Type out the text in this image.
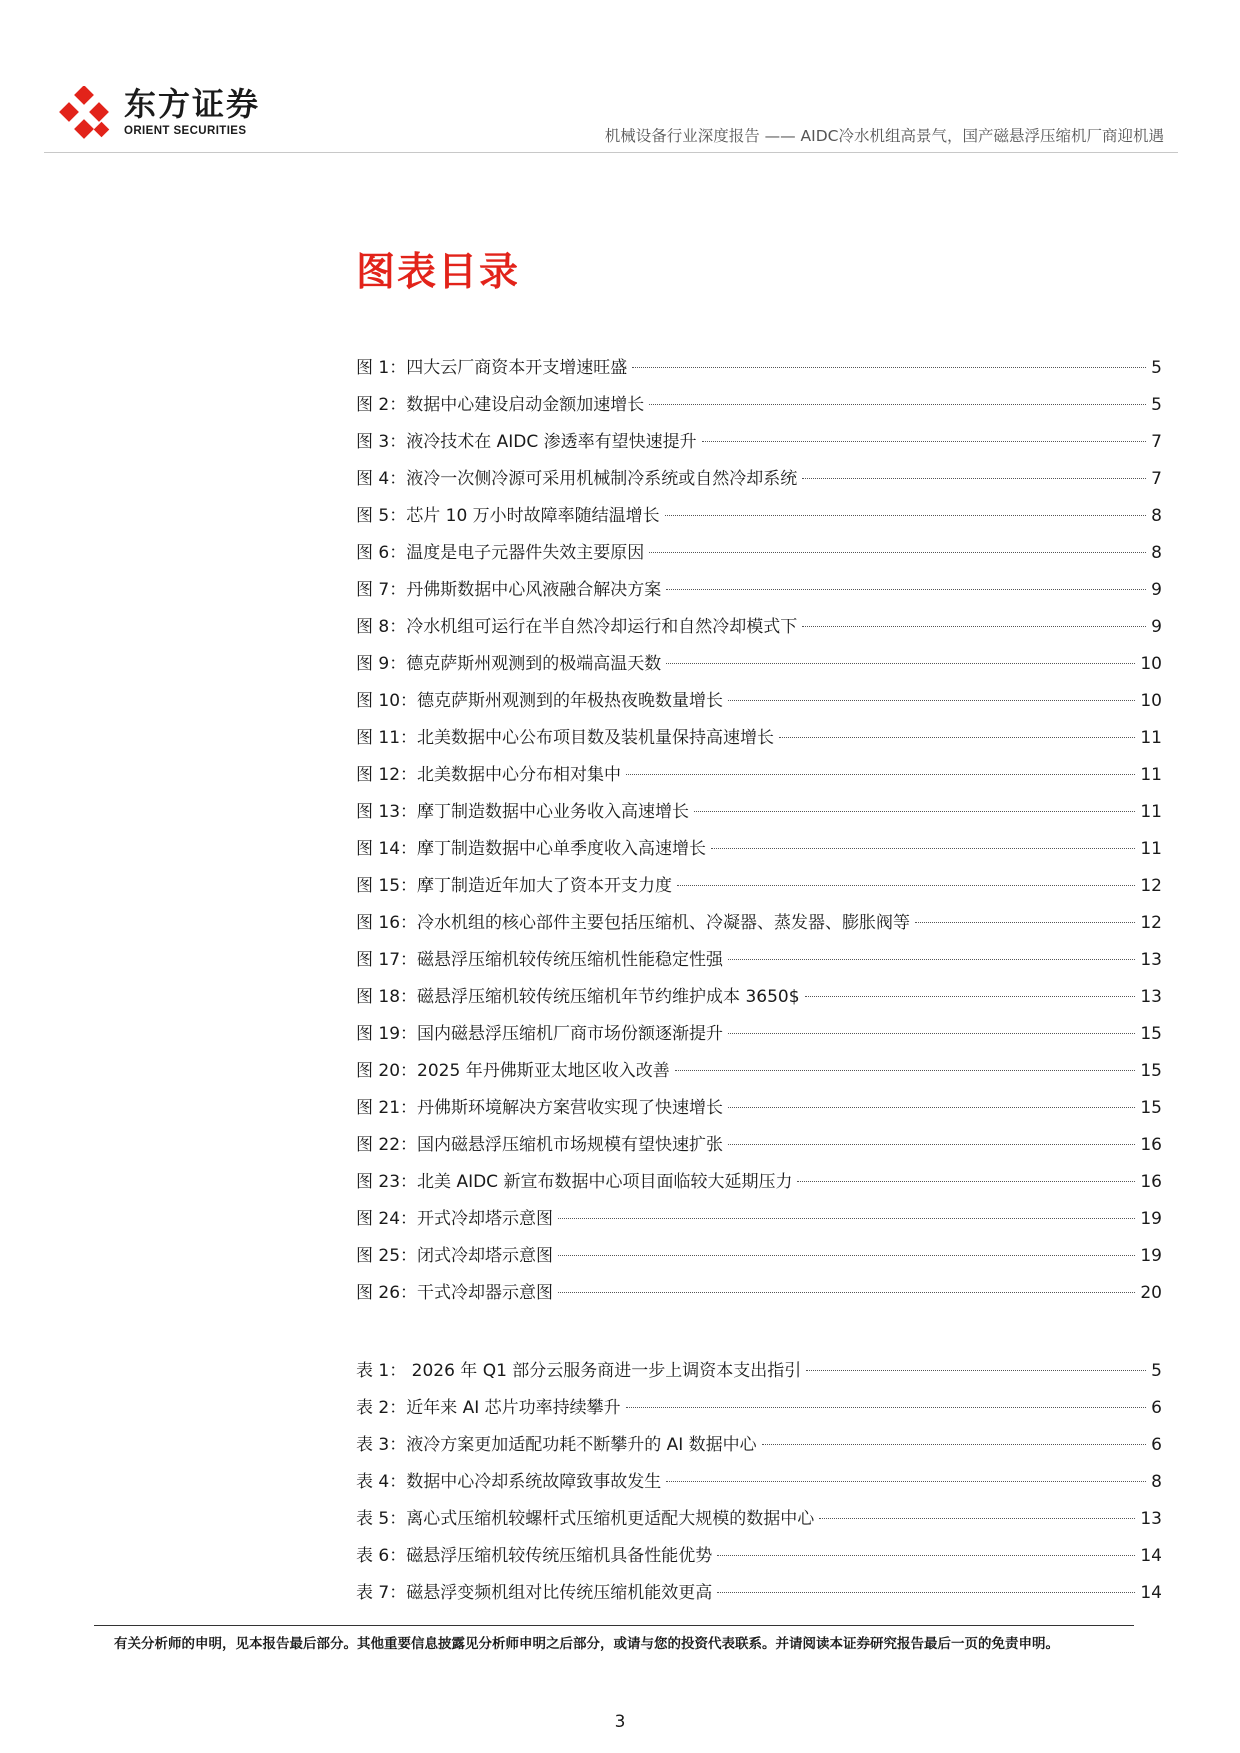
东方证券
ORIENT SECURITIES	机械设备行业深度报告 —— AIDC冷水机组高景气，国产磁悬浮压缩机厂商迎机遇
图表目录
图 1：四大云厂商资本开支增速旺盛	5
图 2：数据中心建设启动金额加速增长	5
图 3：液冷技术在 AIDC 渗透率有望快速提升	7
图 4：液冷一次侧冷源可采用机械制冷系统或自然冷却系统	7
图 5：芯片 10 万小时故障率随结温增长	8
图 6：温度是电子元器件失效主要原因	8
图 7：丹佛斯数据中心风液融合解决方案	9
图 8：冷水机组可运行在半自然冷却运行和自然冷却模式下	9
图 9：德克萨斯州观测到的极端高温天数	10
图 10：德克萨斯州观测到的年极热夜晚数量增长	10
图 11：北美数据中心公布项目数及装机量保持高速增长	11
图 12：北美数据中心分布相对集中	11
图 13：摩丁制造数据中心业务收入高速增长	11
图 14：摩丁制造数据中心单季度收入高速增长	11
图 15：摩丁制造近年加大了资本开支力度	12
图 16：冷水机组的核心部件主要包括压缩机、冷凝器、蒸发器、膨胀阀等	12
图 17：磁悬浮压缩机较传统压缩机性能稳定性强	13
图 18：磁悬浮压缩机较传统压缩机年节约维护成本 3650$	13
图 19：国内磁悬浮压缩机厂商市场份额逐渐提升	15
图 20：2025 年丹佛斯亚太地区收入改善	15
图 21：丹佛斯环境解决方案营收实现了快速增长	15
图 22：国内磁悬浮压缩机市场规模有望快速扩张	16
图 23：北美 AIDC 新宣布数据中心项目面临较大延期压力	16
图 24：开式冷却塔示意图	19
图 25：闭式冷却塔示意图	19
图 26：干式冷却器示意图	20
表 1： 2026 年 Q1 部分云服务商进一步上调资本支出指引	5
表 2：近年来 AI 芯片功率持续攀升	6
表 3：液冷方案更加适配功耗不断攀升的 AI 数据中心	6
表 4：数据中心冷却系统故障致事故发生	8
表 5：离心式压缩机较螺杆式压缩机更适配大规模的数据中心	13
表 6：磁悬浮压缩机较传统压缩机具备性能优势	14
表 7：磁悬浮变频机组对比传统压缩机能效更高	14
有关分析师的申明，见本报告最后部分。其他重要信息披露见分析师申明之后部分，或请与您的投资代表联系。并请阅读本证券研究报告最后一页的免责申明。
3
